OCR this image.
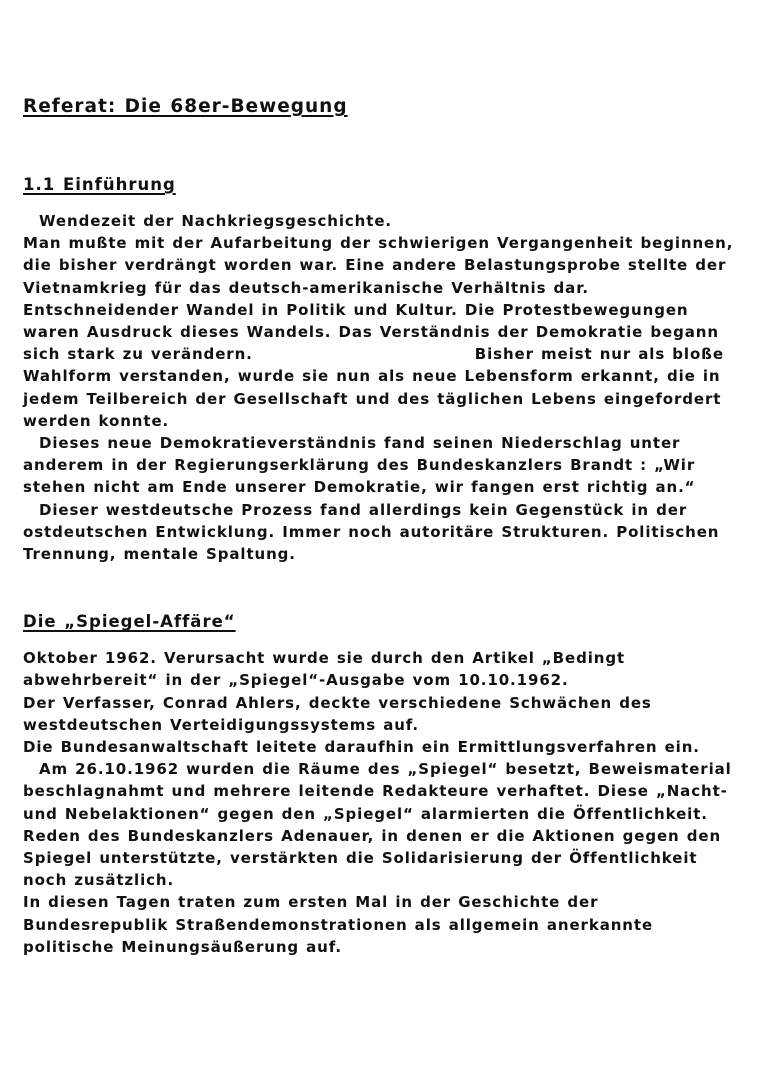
Referat: Die 68er-Bewegung
1.1 Einführung
Wendezeit der Nachkriegsgeschichte.
Man mußte mit der Aufarbeitung der schwierigen Vergangenheit beginnen,
die bisher verdrängt worden war. Eine andere Belastungsprobe stellte der
Vietnamkrieg für das deutsch-amerikanische Verhältnis dar.
Entschneidender Wandel in Politik und Kultur. Die Protestbewegungen
waren Ausdruck dieses Wandels. Das Verständnis der Demokratie begann
sich stark zu verändern.	Bisher meist nur als bloße
Wahlform verstanden, wurde sie nun als neue Lebensform erkannt, die in
jedem Teilbereich der Gesellschaft und des täglichen Lebens eingefordert
werden konnte.
Dieses neue Demokratieverständnis fand seinen Niederschlag unter
anderem in der Regierungserklärung des Bundeskanzlers Brandt : „Wir
stehen nicht am Ende unserer Demokratie, wir fangen erst richtig an.“
Dieser westdeutsche Prozess fand allerdings kein Gegenstück in der
ostdeutschen Entwicklung. Immer noch autoritäre Strukturen. Politischen
Trennung, mentale Spaltung.
Die „Spiegel-Affäre“
Oktober 1962. Verursacht wurde sie durch den Artikel „Bedingt
abwehrbereit“ in der „Spiegel“-Ausgabe vom 10.10.1962.
Der Verfasser, Conrad Ahlers, deckte verschiedene Schwächen des
westdeutschen Verteidigungssystems auf.
Die Bundesanwaltschaft leitete daraufhin ein Ermittlungsverfahren ein.
Am 26.10.1962 wurden die Räume des „Spiegel“ besetzt, Beweismaterial
beschlagnahmt und mehrere leitende Redakteure verhaftet. Diese „Nacht-
und Nebelaktionen“ gegen den „Spiegel“ alarmierten die Öffentlichkeit.
Reden des Bundeskanzlers Adenauer, in denen er die Aktionen gegen den
Spiegel unterstützte, verstärkten die Solidarisierung der Öffentlichkeit
noch zusätzlich.
In diesen Tagen traten zum ersten Mal in der Geschichte der
Bundesrepublik Straßendemonstrationen als allgemein anerkannte
politische Meinungsäußerung auf.
